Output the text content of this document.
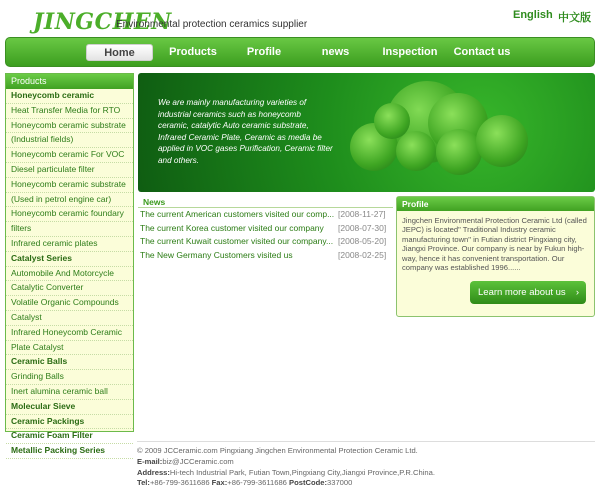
JINGCHEN
Environmental protection ceramics supplier
English 中文版
Home	Products	Profile	news	Inspection	Contact us
Products
Honeycomb ceramic
Heat Transfer Media for RTO
Honeycomb ceramic substrate
(Industrial fields)
Honeycomb ceramic For VOC
Diesel particulate filter
Honeycomb ceramic substrate
(Used in petrol engine car)
Honeycomb ceramic foundary
filters
Infrared ceramic plates
Catalyst Series
Automobile And Motorcycle
Catalytic Converter
Volatile Organic Compounds
Catalyst
Infrared Honeycomb Ceramic
Plate Catalyst
Ceramic Balls
Grinding Balls
Inert alumina ceramic ball
Molecular Sieve
Ceramic Packings
Ceramic Foam Filter
Metallic Packing Series
We are mainly manufacturing varieties of industrial ceramics such as honeycomb ceramic, catalytic Auto ceramic substrate, Infrared Ceramic Plate, Ceramic as media be applied in VOC gases Purification, Ceramic filter and others.
News
The current American customers visited our comp... [2008-11-27]
The current Korea customer visited our company [2008-07-30]
The current Kuwait customer visited our company... [2008-05-20]
The New Germany Customers visited us	[2008-02-25]
Profile
Jingchen Environmental Protection Ceramic Ltd (called JEPC) is located" Traditional Industry ceramic manufacturing town" in Futian district Pingxiang city, Jiangxi Province. Our company is near by Fukun high-way, hence it has convenient transportation. Our company was established 1996......
Learn more about us ›
© 2009 JCCeramic.com Pingxiang Jingchen Environmental Protection Ceramic Ltd.
E-mail:biz@JCCeramic.com
Address:Hi-tech Industrial Park, Futian Town,Pingxiang City,Jiangxi Province,P.R.China.
Tel:+86-799-3611686 Fax:+86-799-3611686 PostCode:337000
